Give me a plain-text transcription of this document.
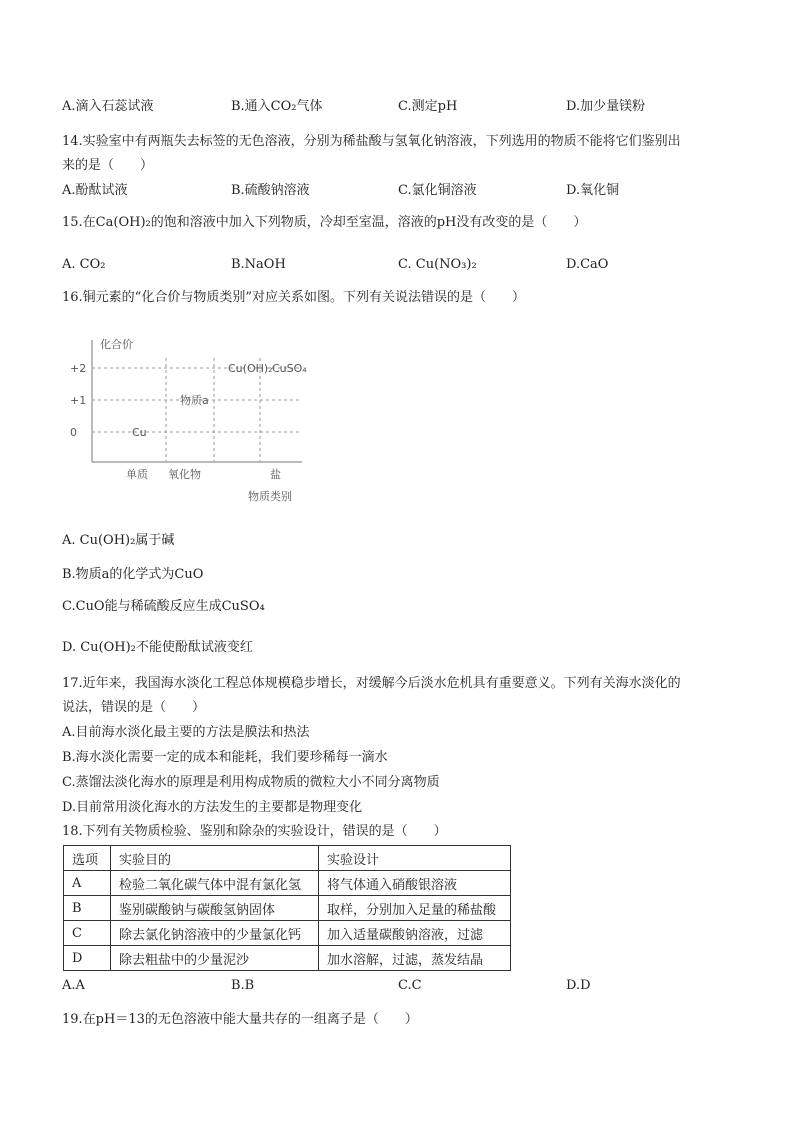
A.滴入石蕊试液	B.通入CO₂气体	C.测定pH	D.加少量镁粉
14.实验室中有两瓶失去标签的无色溶液，分别为稀盐酸与氢氧化钠溶液，下列选用的物质不能将它们鉴别出
来的是（　　）
A.酚酞试液	B.硫酸钠溶液	C.氯化铜溶液	D.氧化铜
15.在Ca(OH)₂的饱和溶液中加入下列物质，冷却至室温，溶液的pH没有改变的是（　　）
A. CO₂	B.NaOH	C. Cu(NO₃)₂	D.CaO
16.铜元素的“化合价与物质类别”对应关系如图。下列有关说法错误的是（　　）
化合价
物质类别
+2
+1
0
单质 氧化物	盐
Cu
物质a
Cu(OH)₂ CuSO₄
A. Cu(OH)₂属于碱
B.物质a的化学式为CuO
C.CuO能与稀硫酸反应生成CuSO₄
D. Cu(OH)₂不能使酚酞试液变红
17.近年来，我国海水淡化工程总体规模稳步增长，对缓解今后淡水危机具有重要意义。下列有关海水淡化的
说法，错误的是（　　）
A.目前海水淡化最主要的方法是膜法和热法
B.海水淡化需要一定的成本和能耗，我们要珍稀每一滴水
C.蒸馏法淡化海水的原理是利用构成物质的微粒大小不同分离物质
D.目前常用淡化海水的方法发生的主要都是物理变化
18.下列有关物质检验、鉴别和除杂的实验设计，错误的是（　　）
选项	实验目的	实验设计
A	检验二氧化碳气体中混有氯化氢	将气体通入硝酸银溶液
B	鉴别碳酸钠与碳酸氢钠固体	取样，分别加入足量的稀盐酸
C	除去氯化钠溶液中的少量氯化钙	加入适量碳酸钠溶液，过滤
D	除去粗盐中的少量泥沙	加水溶解，过滤，蒸发结晶
A.A	B.B	C.C	D.D
19.在pH＝13的无色溶液中能大量共存的一组离子是（　　）
